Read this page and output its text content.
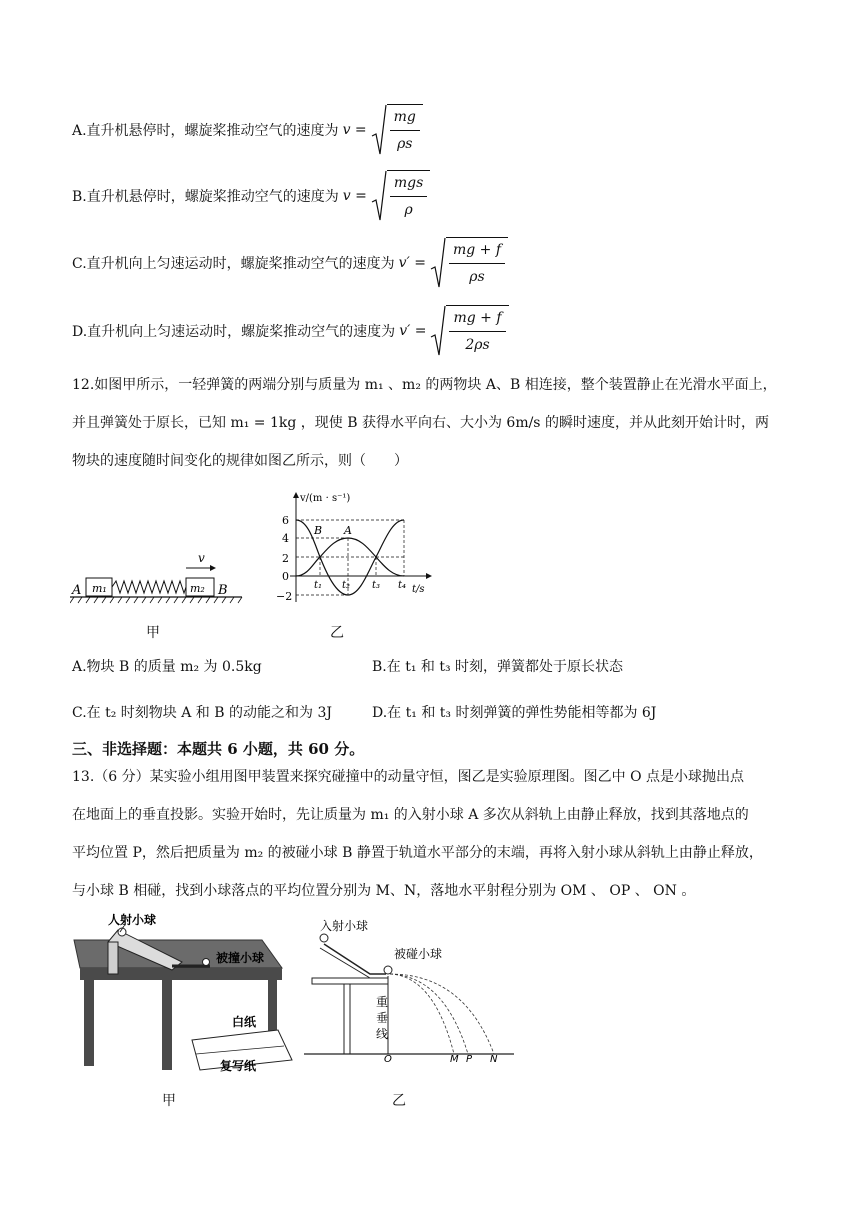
A.直升机悬停时，螺旋桨推动空气的速度为 $v = \frac{mg}{\rho s}$
B.直升机悬停时，螺旋桨推动空气的速度为 v =
mgs
ρ
C.直升机向上匀速运动时，螺旋桨推动空气的速度为 $v' = \frac{mg + f}{\rho s}$
D.直升机向上匀速运动时，螺旋桨推动空气的速度为 $v' = \frac{mg + f}{2\rho s}$
12.如图甲所示，一轻弹簧的两端分别与质量为 m₁ 、m₂ 的两物块 A、B 相连接，整个装置静止在光滑水平面上，
并且弹簧处于原长，已知 m₁ = 1kg ，现使 B 获得水平向右、大小为 6m/s 的瞬时速度，并从此刻开始计时，两
物块的速度随时间变化的规律如图乙所示，则（　　）
v
A m₁	m₂ B
甲
v/(m · s⁻¹)
t/s
6
4
2
0
−2
B A
t₁ t₂ t₃ t₄
乙
A.物块 B 的质量 m₂ 为 0.5kg	B.在 t₁ 和 t₃ 时刻，弹簧都处于原长状态
C.在 t₂ 时刻物块 A 和 B 的动能之和为 3J	D.在 t₁ 和 t₃ 时刻弹簧的弹性势能相等都为 6J
三、非选择题：本题共 6 小题，共 60 分。
13.（6 分）某实验小组用图甲装置来探究碰撞中的动量守恒，图乙是实验原理图。图乙中 O 点是小球抛出点
在地面上的垂直投影。实验开始时，先让质量为 m₁ 的入射小球 A 多次从斜轨上由静止释放，找到其落地点的
平均位置 P，然后把质量为 m₂ 的被碰小球 B 静置于轨道水平部分的末端，再将入射小球从斜轨上由静止释放，
与小球 B 相碰，找到小球落点的平均位置分别为 M、N，落地水平射程分别为 OM 、 OP 、 ON 。
人射小球
被撞小球
白纸
复写纸
甲
入射小球
被碰小球
重
垂
线
O	M P N
乙
